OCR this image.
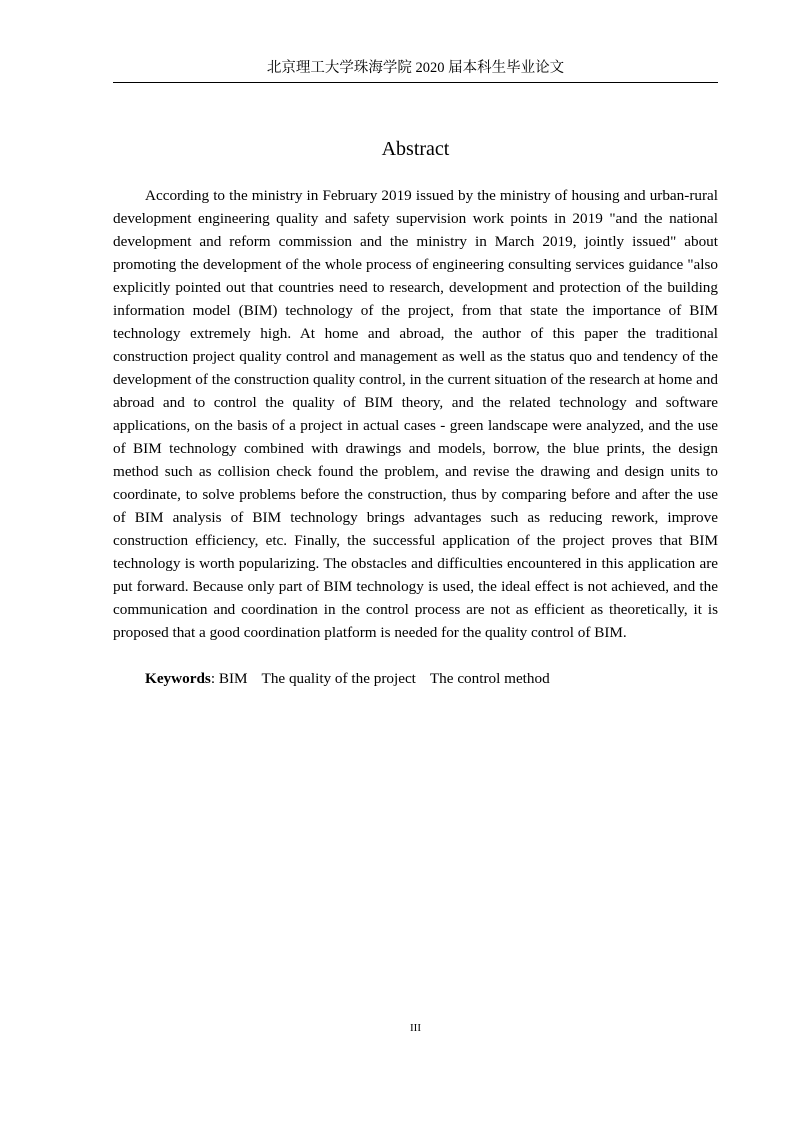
北京理工大学珠海学院 2020 届本科生毕业论文
Abstract

According to the ministry in February 2019 issued by the ministry of housing and urban-rural development engineering quality and safety supervision work points in 2019 "and the national development and reform commission and the ministry in March 2019, jointly issued" about promoting the development of the whole process of engineering consulting services guidance "also explicitly pointed out that countries need to research, development and protection of the building information model (BIM) technology of the project, from that state the importance of BIM technology extremely high. At home and abroad, the author of this paper the traditional construction project quality control and management as well as the status quo and tendency of the development of the construction quality control, in the current situation of the research at home and abroad and to control the quality of BIM theory, and the related technology and software applications, on the basis of a project in actual cases - green landscape were analyzed, and the use of BIM technology combined with drawings and models, borrow, the blue prints, the design method such as collision check found the problem, and revise the drawing and design units to coordinate, to solve problems before the construction, thus by comparing before and after the use of BIM analysis of BIM technology brings advantages such as reducing rework, improve construction efficiency, etc. Finally, the successful application of the project proves that BIM technology is worth popularizing. The obstacles and difficulties encountered in this application are put forward. Because only part of BIM technology is used, the ideal effect is not achieved, and the communication and coordination in the control process are not as efficient as theoretically, it is proposed that a good coordination platform is needed for the quality control of BIM.

Keywords: BIM The quality of the project The control method

III
